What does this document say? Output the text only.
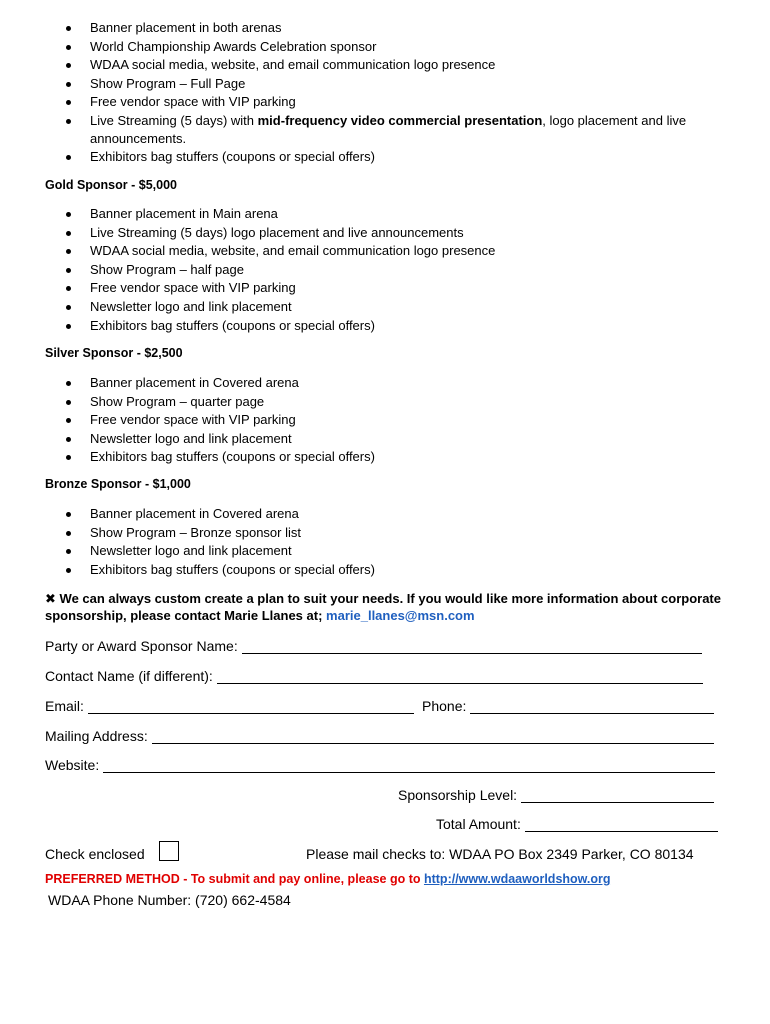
Banner placement in both arenas
World Championship Awards Celebration sponsor
WDAA social media, website, and email communication logo presence
Show Program – Full Page
Free vendor space with VIP parking
Live Streaming (5 days) with mid-frequency video commercial presentation, logo placement and live announcements.
Exhibitors bag stuffers (coupons or special offers)
Gold Sponsor - $5,000
Banner placement in Main arena
Live Streaming (5 days) logo placement and live announcements
WDAA social media, website, and email communication logo presence
Show Program – half page
Free vendor space with VIP parking
Newsletter logo and link placement
Exhibitors bag stuffers (coupons or special offers)
Silver Sponsor - $2,500
Banner placement in Covered arena
Show Program – quarter page
Free vendor space with VIP parking
Newsletter logo and link placement
Exhibitors bag stuffers (coupons or special offers)
Bronze Sponsor - $1,000
Banner placement in Covered arena
Show Program – Bronze sponsor list
Newsletter logo and link placement
Exhibitors bag stuffers (coupons or special offers)
✖ We can always custom create a plan to suit your needs. If you would like more information about corporate sponsorship, please contact Marie Llanes at; marie_llanes@msn.com
Party or Award Sponsor Name:
Contact Name (if different):
Email:	Phone:
Mailing Address:
Website:
Sponsorship Level:
Total Amount:
Check enclosed	Please mail checks to: WDAA PO Box 2349 Parker, CO 80134
PREFERRED METHOD - To submit and pay online, please go to http://www.wdaaworldshow.org
WDAA Phone Number: (720) 662-4584
